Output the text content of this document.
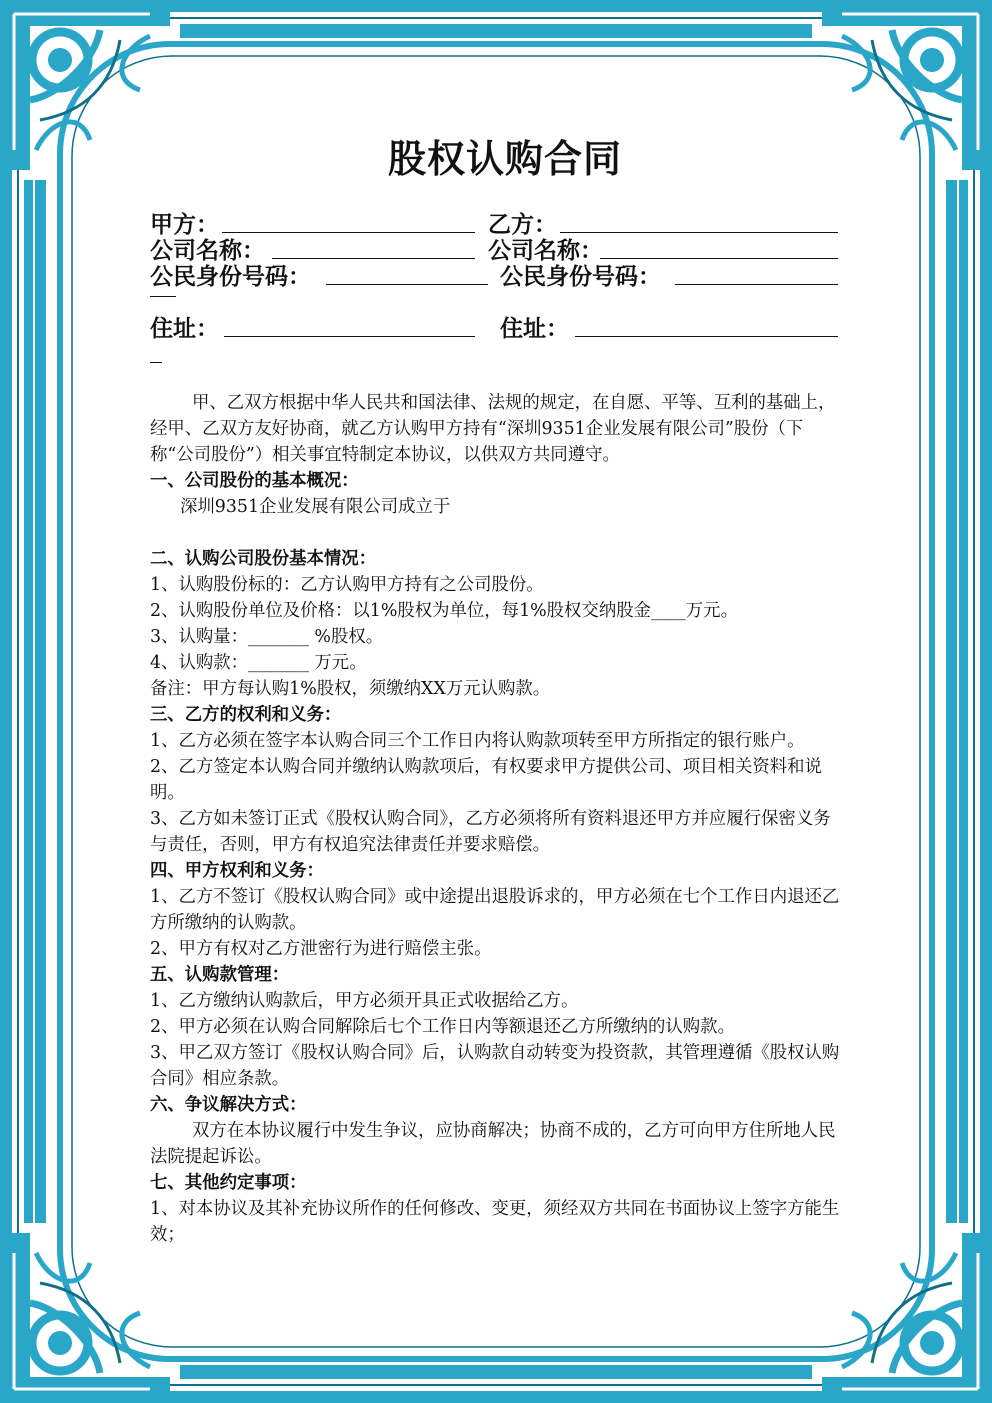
股权认购合同
甲方：	乙方：
公司名称：	公司名称：
公民身份号码：	公民身份号码：
住址：	住址：

甲、乙双方根据中华人民共和国法律、法规的规定，在自愿、平等、互利的基础上，经甲、乙双方友好协商，就乙方认购甲方持有“深圳9351企业发展有限公司”股份（下称“公司股份”）相关事宜特制定本协议，以供双方共同遵守。

一、公司股份的基本概况：

深圳9351企业发展有限公司成立于

二、认购公司股份基本情况：

1、认购股份标的：乙方认购甲方持有之公司股份。

2、认购股份单位及价格：以1%股权为单位，每1%股权交纳股金____万元。

3、认购量：_______ %股权。

4、认购款：_______ 万元。

备注：甲方每认购1%股权，须缴纳XX万元认购款。

三、乙方的权利和义务：

1、乙方必须在签字本认购合同三个工作日内将认购款项转至甲方所指定的银行账户。

2、乙方签定本认购合同并缴纳认购款项后，有权要求甲方提供公司、项目相关资料和说明。

3、乙方如未签订正式《股权认购合同》，乙方必须将所有资料退还甲方并应履行保密义务与责任，否则，甲方有权追究法律责任并要求赔偿。

四、甲方权利和义务：

1、乙方不签订《股权认购合同》或中途提出退股诉求的，甲方必须在七个工作日内退还乙方所缴纳的认购款。

2、甲方有权对乙方泄密行为进行赔偿主张。

五、认购款管理：

1、乙方缴纳认购款后，甲方必须开具正式收据给乙方。

2、甲方必须在认购合同解除后七个工作日内等额退还乙方所缴纳的认购款。

3、甲乙双方签订《股权认购合同》后，认购款自动转变为投资款，其管理遵循《股权认购合同》相应条款。

六、争议解决方式：

双方在本协议履行中发生争议，应协商解决；协商不成的，乙方可向甲方住所地人民法院提起诉讼。

七、其他约定事项：

1、对本协议及其补充协议所作的任何修改、变更，须经双方共同在书面协议上签字方能生效；
